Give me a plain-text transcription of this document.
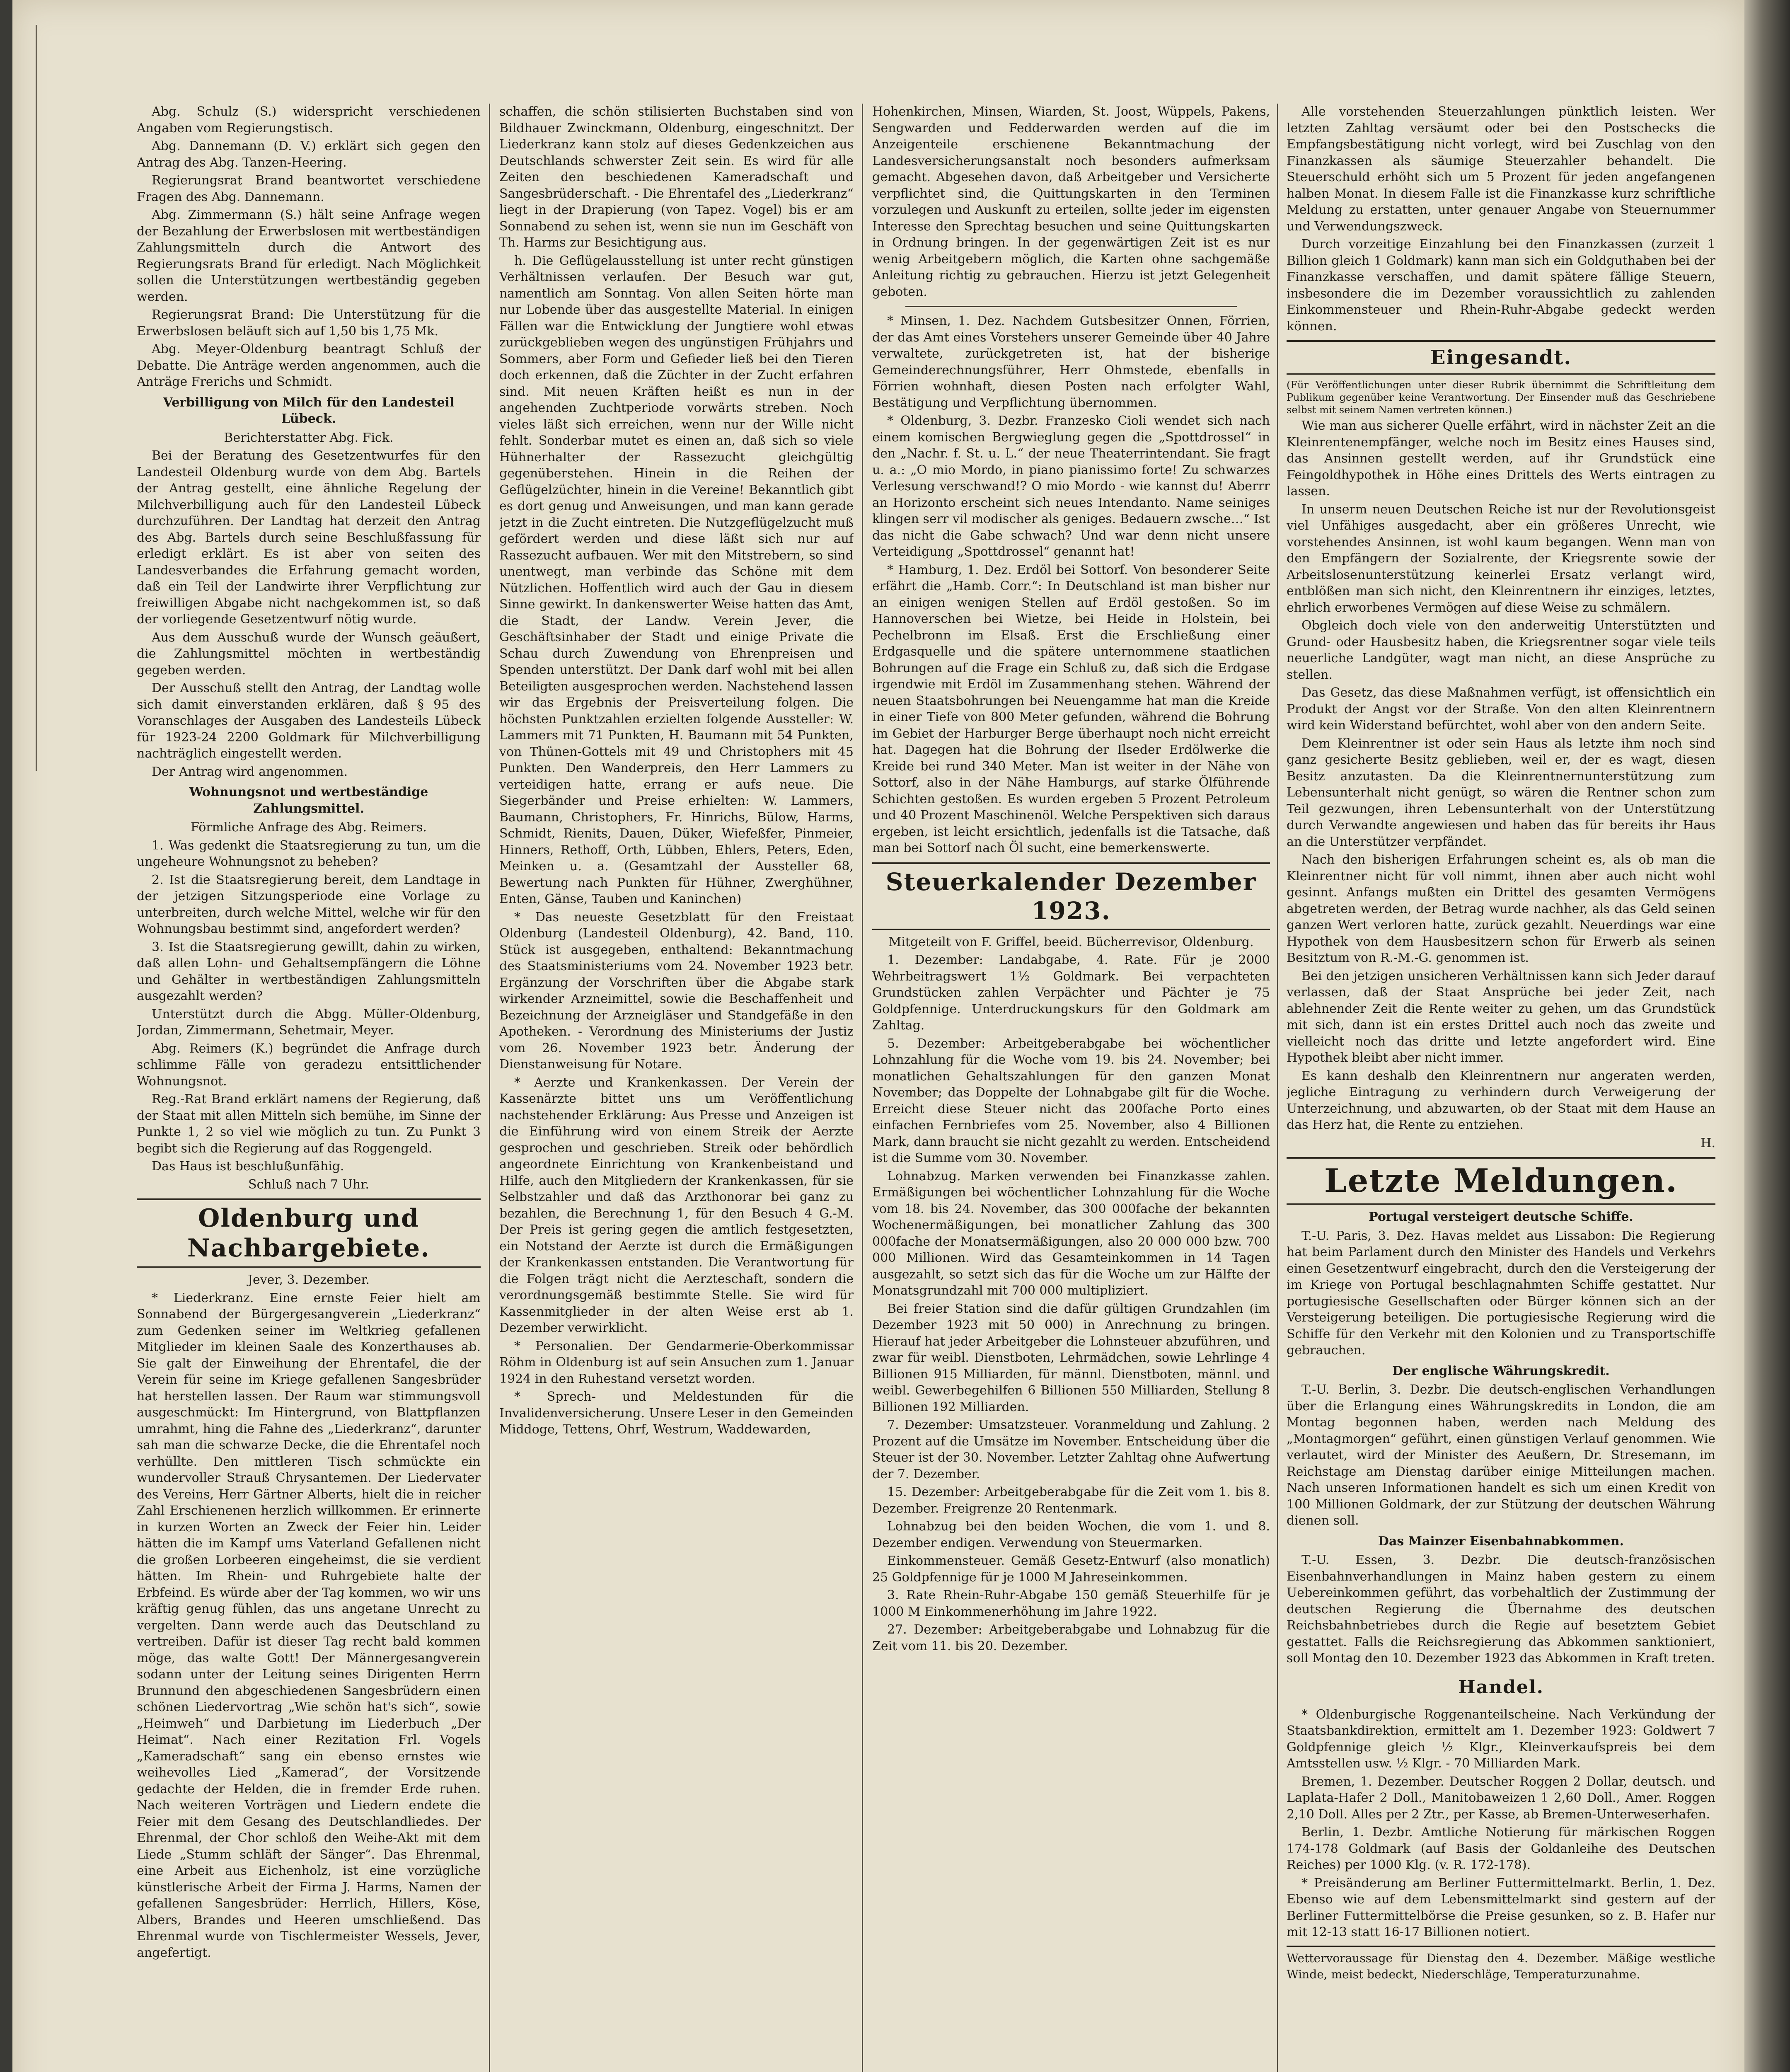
Abg. Schulz (S.) widerspricht verschiedenen Angaben vom Regierungstisch.

Abg. Dannemann (D. V.) erklärt sich gegen den Antrag des Abg. Tanzen-Heering.

Regierungsrat Brand beantwortet verschiedene Fragen des Abg. Dannemann.

Abg. Zimmermann (S.) hält seine Anfrage wegen der Bezahlung der Erwerbslosen mit wertbeständigen Zahlungsmitteln durch die Antwort des Regierungsrats Brand für erledigt. Nach Möglichkeit sollen die Unterstützungen wertbeständig gegeben werden.

Regierungsrat Brand: Die Unterstützung für die Erwerbslosen beläuft sich auf 1,50 bis 1,75 Mk.

Abg. Meyer-Oldenburg beantragt Schluß der Debatte. Die Anträge werden angenommen, auch die Anträge Frerichs und Schmidt.

Verbilligung von Milch für den Landesteil Lübeck.

Berichterstatter Abg. Fick.

Bei der Beratung des Gesetzentwurfes für den Landesteil Oldenburg wurde von dem Abg. Bartels der Antrag gestellt, eine ähnliche Regelung der Milchverbilligung auch für den Landesteil Lübeck durchzuführen. Der Landtag hat derzeit den Antrag des Abg. Bartels durch seine Beschlußfassung für erledigt erklärt. Es ist aber von seiten des Landesverbandes die Erfahrung gemacht worden, daß ein Teil der Landwirte ihrer Verpflichtung zur freiwilligen Abgabe nicht nachgekommen ist, so daß der vorliegende Gesetzentwurf nötig wurde.

Aus dem Ausschuß wurde der Wunsch geäußert, die Zahlungsmittel möchten in wertbeständig gegeben werden.

Der Ausschuß stellt den Antrag, der Landtag wolle sich damit einverstanden erklären, daß § 95 des Voranschlages der Ausgaben des Landesteils Lübeck für 1923-24 2200 Goldmark für Milchverbilligung nachträglich eingestellt werden.

Der Antrag wird angenommen.

Wohnungsnot und wertbeständige Zahlungsmittel.

Förmliche Anfrage des Abg. Reimers.

1. Was gedenkt die Staatsregierung zu tun, um die ungeheure Wohnungsnot zu beheben?

2. Ist die Staatsregierung bereit, dem Landtage in der jetzigen Sitzungsperiode eine Vorlage zu unterbreiten, durch welche Mittel, welche wir für den Wohnungsbau bestimmt sind, angefordert werden?

3. Ist die Staatsregierung gewillt, dahin zu wirken, daß allen Lohn- und Gehaltsempfängern die Löhne und Gehälter in wertbeständigen Zahlungsmitteln ausgezahlt werden?

Unterstützt durch die Abgg. Müller-Oldenburg, Jordan, Zimmermann, Sehetmair, Meyer.

Abg. Reimers (K.) begründet die Anfrage durch schlimme Fälle von geradezu entsittlichender Wohnungsnot.

Reg.-Rat Brand erklärt namens der Regierung, daß der Staat mit allen Mitteln sich bemühe, im Sinne der Punkte 1, 2 so viel wie möglich zu tun. Zu Punkt 3 begibt sich die Regierung auf das Roggengeld.

Das Haus ist beschlußunfähig.

Schluß nach 7 Uhr.

Oldenburg und Nachbargebiete.

Jever, 3. Dezember.

* Liederkranz. Eine ernste Feier hielt am Sonnabend der Bürgergesangverein „Liederkranz“ zum Gedenken seiner im Weltkrieg gefallenen Mitglieder im kleinen Saale des Konzerthauses ab. Sie galt der Einweihung der Ehrentafel, die der Verein für seine im Kriege gefallenen Sangesbrüder hat herstellen lassen. Der Raum war stimmungsvoll ausgeschmückt: Im Hintergrund, von Blattpflanzen umrahmt, hing die Fahne des „Liederkranz“, darunter sah man die schwarze Decke, die die Ehrentafel noch verhüllte. Den mittleren Tisch schmückte ein wundervoller Strauß Chrysantemen. Der Liedervater des Vereins, Herr Gärtner Alberts, hielt die in reicher Zahl Erschienenen herzlich willkommen. Er erinnerte in kurzen Worten an Zweck der Feier hin. Leider hätten die im Kampf ums Vaterland Gefallenen nicht die großen Lorbeeren eingeheimst, die sie verdient hätten. Im Rhein- und Ruhrgebiete halte der Erbfeind. Es würde aber der Tag kommen, wo wir uns kräftig genug fühlen, das uns angetane Unrecht zu vergelten. Dann werde auch das Deutschland zu vertreiben. Dafür ist dieser Tag recht bald kommen möge, das walte Gott! Der Männergesangverein sodann unter der Leitung seines Dirigenten Herrn Brunnund den abgeschiedenen Sangesbrüdern einen schönen Liedervortrag „Wie schön hat's sich“, sowie „Heimweh“ und Darbietung im Liederbuch „Der Heimat“. Nach einer Rezitation Frl. Vogels „Kameradschaft“ sang ein ebenso ernstes wie weihevolles Lied „Kamerad“, der Vorsitzende gedachte der Helden, die in fremder Erde ruhen. Nach weiteren Vorträgen und Liedern endete die Feier mit dem Gesang des Deutschlandliedes. Der Ehrenmal, der Chor schloß den Weihe-Akt mit dem Liede „Stumm schläft der Sänger“. Das Ehrenmal, eine Arbeit aus Eichenholz, ist eine vorzügliche künstlerische Arbeit der Firma J. Harms, Namen der gefallenen Sangesbrüder: Herrlich, Hillers, Köse, Albers, Brandes und Heeren umschließend. Das Ehrenmal wurde von Tischlermeister Wessels, Jever, angefertigt.

schaffen, die schön stilisierten Buchstaben sind von Bildhauer Zwinckmann, Oldenburg, eingeschnitzt. Der Liederkranz kann stolz auf dieses Gedenkzeichen aus Deutschlands schwerster Zeit sein. Es wird für alle Zeiten den beschiedenen Kameradschaft und Sangesbrüderschaft. - Die Ehrentafel des „Liederkranz“ liegt in der Drapierung (von Tapez. Vogel) bis er am Sonnabend zu sehen ist, wenn sie nun im Geschäft von Th. Harms zur Besichtigung aus.

h. Die Geflügelausstellung ist unter recht günstigen Verhältnissen verlaufen. Der Besuch war gut, namentlich am Sonntag. Von allen Seiten hörte man nur Lobende über das ausgestellte Material. In einigen Fällen war die Entwicklung der Jungtiere wohl etwas zurückgeblieben wegen des ungünstigen Frühjahrs und Sommers, aber Form und Gefieder ließ bei den Tieren doch erkennen, daß die Züchter in der Zucht erfahren sind. Mit neuen Kräften heißt es nun in der angehenden Zuchtperiode vorwärts streben. Noch vieles läßt sich erreichen, wenn nur der Wille nicht fehlt. Sonderbar mutet es einen an, daß sich so viele Hühnerhalter der Rassezucht gleichgültig gegenüberstehen. Hinein in die Reihen der Geflügelzüchter, hinein in die Vereine! Bekanntlich gibt es dort genug und Anweisungen, und man kann gerade jetzt in die Zucht eintreten. Die Nutzgeflügelzucht muß gefördert werden und diese läßt sich nur auf Rassezucht aufbauen. Wer mit den Mitstrebern, so sind unentwegt, man verbinde das Schöne mit dem Nützlichen. Hoffentlich wird auch der Gau in diesem Sinne gewirkt. In dankenswerter Weise hatten das Amt, die Stadt, der Landw. Verein Jever, die Geschäftsinhaber der Stadt und einige Private die Schau durch Zuwendung von Ehrenpreisen und Spenden unterstützt. Der Dank darf wohl mit bei allen Beteiligten ausgesprochen werden. Nachstehend lassen wir das Ergebnis der Preisverteilung folgen. Die höchsten Punktzahlen erzielten folgende Aussteller: W. Lammers mit 71 Punkten, H. Baumann mit 54 Punkten, von Thünen-Gottels mit 49 und Christophers mit 45 Punkten. Den Wanderpreis, den Herr Lammers zu verteidigen hatte, errang er aufs neue. Die Siegerbänder und Preise erhielten: W. Lammers, Baumann, Christophers, Fr. Hinrichs, Bülow, Harms, Schmidt, Rienits, Dauen, Düker, Wiefeßfer, Pinmeier, Hinners, Rethoff, Orth, Lübben, Ehlers, Peters, Eden, Meinken u. a. (Gesamtzahl der Aussteller 68, Bewertung nach Punkten für Hühner, Zwerghühner, Enten, Gänse, Tauben und Kaninchen)

* Das neueste Gesetzblatt für den Freistaat Oldenburg (Landesteil Oldenburg), 42. Band, 110. Stück ist ausgegeben, enthaltend: Bekanntmachung des Staatsministeriums vom 24. November 1923 betr. Ergänzung der Vorschriften über die Abgabe stark wirkender Arzneimittel, sowie die Beschaffenheit und Bezeichnung der Arzneigläser und Standgefäße in den Apotheken. - Verordnung des Ministeriums der Justiz vom 26. November 1923 betr. Änderung der Dienstanweisung für Notare.

* Aerzte und Krankenkassen. Der Verein der Kassenärzte bittet uns um Veröffentlichung nachstehender Erklärung: Aus Presse und Anzeigen ist die Einführung wird von einem Streik der Aerzte gesprochen und geschrieben. Streik oder behördlich angeordnete Einrichtung von Krankenbeistand und Hilfe, auch den Mitgliedern der Krankenkassen, für sie Selbstzahler und daß das Arzthonorar bei ganz zu bezahlen, die Berechnung 1, für den Besuch 4 G.-M. Der Preis ist gering gegen die amtlich festgesetzten, ein Notstand der Aerzte ist durch die Ermäßigungen der Krankenkassen entstanden. Die Verantwortung für die Folgen trägt nicht die Aerzteschaft, sondern die verordnungsgemäß bestimmte Stelle. Sie wird für Kassenmitglieder in der alten Weise erst ab 1. Dezember verwirklicht.

* Personalien. Der Gendarmerie-Oberkommissar Röhm in Oldenburg ist auf sein Ansuchen zum 1. Januar 1924 in den Ruhestand versetzt worden.

* Sprech- und Meldestunden für die Invalidenversicherung. Unsere Leser in den Gemeinden Middoge, Tettens, Ohrf, Westrum, Waddewarden,

Hohenkirchen, Minsen, Wiarden, St. Joost, Wüppels, Pakens, Sengwarden und Fedderwarden werden auf die im Anzeigenteile erschienene Bekanntmachung der Landesversicherungsanstalt noch besonders aufmerksam gemacht. Abgesehen davon, daß Arbeitgeber und Versicherte verpflichtet sind, die Quittungskarten in den Terminen vorzulegen und Auskunft zu erteilen, sollte jeder im eigensten Interesse den Sprechtag besuchen und seine Quittungskarten in Ordnung bringen. In der gegenwärtigen Zeit ist es nur wenig Arbeitgebern möglich, die Karten ohne sachgemäße Anleitung richtig zu gebrauchen. Hierzu ist jetzt Gelegenheit geboten.

* Minsen, 1. Dez. Nachdem Gutsbesitzer Onnen, Förrien, der das Amt eines Vorstehers unserer Gemeinde über 40 Jahre verwaltete, zurückgetreten ist, hat der bisherige Gemeinderechnungsführer, Herr Ohmstede, ebenfalls in Förrien wohnhaft, diesen Posten nach erfolgter Wahl, Bestätigung und Verpflichtung übernommen.

* Oldenburg, 3. Dezbr. Franzesko Cioli wendet sich nach einem komischen Bergwieglung gegen die „Spottdrossel“ in den „Nachr. f. St. u. L.“ der neue Theaterrintendant. Sie fragt u. a.: „O mio Mordo, in piano pianissimo forte! Zu schwarzes Verlesung verschwand!? O mio Mordo - wie kannst du! Aberrr an Horizonto erscheint sich neues Intendanto. Name seiniges klingen serr vil modischer als geniges. Bedauern zwsche…“ Ist das nicht die Gabe schwach? Und war denn nicht unsere Verteidigung „Spottdrossel“ genannt hat!

* Hamburg, 1. Dez. Erdöl bei Sottorf. Von besonderer Seite erfährt die „Hamb. Corr.“: In Deutschland ist man bisher nur an einigen wenigen Stellen auf Erdöl gestoßen. So im Hannoverschen bei Wietze, bei Heide in Holstein, bei Pechelbronn im Elsaß. Erst die Erschließung einer Erdgasquelle und die spätere unternommene staatlichen Bohrungen auf die Frage ein Schluß zu, daß sich die Erdgase irgendwie mit Erdöl im Zusammenhang stehen. Während der neuen Staatsbohrungen bei Neuengamme hat man die Kreide in einer Tiefe von 800 Meter gefunden, während die Bohrung im Gebiet der Harburger Berge überhaupt noch nicht erreicht hat. Dagegen hat die Bohrung der Ilseder Erdölwerke die Kreide bei rund 340 Meter. Man ist weiter in der Nähe von Sottorf, also in der Nähe Hamburgs, auf starke Ölführende Schichten gestoßen. Es wurden ergeben 5 Prozent Petroleum und 40 Prozent Maschinenöl. Welche Perspektiven sich daraus ergeben, ist leicht ersichtlich, jedenfalls ist die Tatsache, daß man bei Sottorf nach Öl sucht, eine bemerkenswerte.

Steuerkalender Dezember 1923.

Mitgeteilt von F. Griffel, beeid. Bücherrevisor, Oldenburg.

1. Dezember: Landabgabe, 4. Rate. Für je 2000 Wehrbeitragswert 1½ Goldmark. Bei verpachteten Grundstücken zahlen Verpächter und Pächter je 75 Goldpfennige. Unterdruckungskurs für den Goldmark am Zahltag.

5. Dezember: Arbeitgeberabgabe bei wöchentlicher Lohnzahlung für die Woche vom 19. bis 24. November; bei monatlichen Gehaltszahlungen für den ganzen Monat November; das Doppelte der Lohnabgabe gilt für die Woche. Erreicht diese Steuer nicht das 200fache Porto eines einfachen Fernbriefes vom 25. November, also 4 Billionen Mark, dann braucht sie nicht gezahlt zu werden. Entscheidend ist die Summe vom 30. November.

Lohnabzug. Marken verwenden bei Finanzkasse zahlen. Ermäßigungen bei wöchentlicher Lohnzahlung für die Woche vom 18. bis 24. November, das 300 000fache der bekannten Wochenermäßigungen, bei monatlicher Zahlung das 300 000fache der Monatsermäßigungen, also 20 000 000 bzw. 700 000 Millionen. Wird das Gesamteinkommen in 14 Tagen ausgezahlt, so setzt sich das für die Woche um zur Hälfte der Monatsgrundzahl mit 700 000 multipliziert.

Bei freier Station sind die dafür gültigen Grundzahlen (im Dezember 1923 mit 50 000) in Anrechnung zu bringen. Hierauf hat jeder Arbeitgeber die Lohnsteuer abzuführen, und zwar für weibl. Dienstboten, Lehrmädchen, sowie Lehrlinge 4 Billionen 915 Milliarden, für männl. Dienstboten, männl. und weibl. Gewerbegehilfen 6 Billionen 550 Milliarden, Stellung 8 Billionen 192 Milliarden.

7. Dezember: Umsatzsteuer. Voranmeldung und Zahlung. 2 Prozent auf die Umsätze im November. Entscheidung über die Steuer ist der 30. November. Letzter Zahltag ohne Aufwertung der 7. Dezember.

15. Dezember: Arbeitgeberabgabe für die Zeit vom 1. bis 8. Dezember. Freigrenze 20 Rentenmark.

Lohnabzug bei den beiden Wochen, die vom 1. und 8. Dezember endigen. Verwendung von Steuermarken.

Einkommensteuer. Gemäß Gesetz-Entwurf (also monatlich) 25 Goldpfennige für je 1000 M Jahreseinkommen.

3. Rate Rhein-Ruhr-Abgabe 150 gemäß Steuerhilfe für je 1000 M Einkommenerhöhung im Jahre 1922.

27. Dezember: Arbeitgeberabgabe und Lohnabzug für die Zeit vom 11. bis 20. Dezember.

Alle vorstehenden Steuerzahlungen pünktlich leisten. Wer letzten Zahltag versäumt oder bei den Postschecks die Empfangsbestätigung nicht vorlegt, wird bei Zuschlag von den Finanzkassen als säumige Steuerzahler behandelt. Die Steuerschuld erhöht sich um 5 Prozent für jeden angefangenen halben Monat. In diesem Falle ist die Finanzkasse kurz schriftliche Meldung zu erstatten, unter genauer Angabe von Steuernummer und Verwendungszweck.

Durch vorzeitige Einzahlung bei den Finanzkassen (zurzeit 1 Billion gleich 1 Goldmark) kann man sich ein Goldguthaben bei der Finanzkasse verschaffen, und damit spätere fällige Steuern, insbesondere die im Dezember voraussichtlich zu zahlenden Einkommensteuer und Rhein-Ruhr-Abgabe gedeckt werden können.

Eingesandt.

(Für Veröffentlichungen unter dieser Rubrik übernimmt die Schriftleitung dem Publikum gegenüber keine Verantwortung. Der Einsender muß das Geschriebene selbst mit seinem Namen vertreten können.)

Wie man aus sicherer Quelle erfährt, wird in nächster Zeit an die Kleinrentenempfänger, welche noch im Besitz eines Hauses sind, das Ansinnen gestellt werden, auf ihr Grundstück eine Feingoldhypothek in Höhe eines Drittels des Werts eintragen zu lassen.

In unserm neuen Deutschen Reiche ist nur der Revolutionsgeist viel Unfähiges ausgedacht, aber ein größeres Unrecht, wie vorstehendes Ansinnen, ist wohl kaum begangen. Wenn man von den Empfängern der Sozialrente, der Kriegsrente sowie der Arbeitslosenunterstützung keinerlei Ersatz verlangt wird, entblößen man sich nicht, den Kleinrentnern ihr einziges, letztes, ehrlich erworbenes Vermögen auf diese Weise zu schmälern.

Obgleich doch viele von den anderweitig Unterstützten und Grund- oder Hausbesitz haben, die Kriegsrentner sogar viele teils neuerliche Landgüter, wagt man nicht, an diese Ansprüche zu stellen.

Das Gesetz, das diese Maßnahmen verfügt, ist offensichtlich ein Produkt der Angst vor der Straße. Von den alten Kleinrentnern wird kein Widerstand befürchtet, wohl aber von den andern Seite.

Dem Kleinrentner ist oder sein Haus als letzte ihm noch sind ganz gesicherte Besitz geblieben, weil er, der es wagt, diesen Besitz anzutasten. Da die Kleinrentnernunterstützung zum Lebensunterhalt nicht genügt, so wären die Rentner schon zum Teil gezwungen, ihren Lebensunterhalt von der Unterstützung durch Verwandte angewiesen und haben das für bereits ihr Haus an die Unterstützer verpfändet.

Nach den bisherigen Erfahrungen scheint es, als ob man die Kleinrentner nicht für voll nimmt, ihnen aber auch nicht wohl gesinnt. Anfangs mußten ein Drittel des gesamten Vermögens abgetreten werden, der Betrag wurde nachher, als das Geld seinen ganzen Wert verloren hatte, zurück gezahlt. Neuerdings war eine Hypothek von dem Hausbesitzern schon für Erwerb als seinen Besitztum von R.-M.-G. genommen ist.

Bei den jetzigen unsicheren Verhältnissen kann sich Jeder darauf verlassen, daß der Staat Ansprüche bei jeder Zeit, nach ablehnender Zeit die Rente weiter zu gehen, um das Grundstück mit sich, dann ist ein erstes Drittel auch noch das zweite und vielleicht noch das dritte und letzte angefordert wird. Eine Hypothek bleibt aber nicht immer.

Es kann deshalb den Kleinrentnern nur angeraten werden, jegliche Eintragung zu verhindern durch Verweigerung der Unterzeichnung, und abzuwarten, ob der Staat mit dem Hause an das Herz hat, die Rente zu entziehen.

H.

Letzte Meldungen.

Portugal versteigert deutsche Schiffe.

T.-U. Paris, 3. Dez. Havas meldet aus Lissabon: Die Regierung hat beim Parlament durch den Minister des Handels und Verkehrs einen Gesetzentwurf eingebracht, durch den die Versteigerung der im Kriege von Portugal beschlagnahmten Schiffe gestattet. Nur portugiesische Gesellschaften oder Bürger können sich an der Versteigerung beteiligen. Die portugiesische Regierung wird die Schiffe für den Verkehr mit den Kolonien und zu Transportschiffe gebrauchen.

Der englische Währungskredit.

T.-U. Berlin, 3. Dezbr. Die deutsch-englischen Verhandlungen über die Erlangung eines Währungskredits in London, die am Montag begonnen haben, werden nach Meldung des „Montagmorgen“ geführt, einen günstigen Verlauf genommen. Wie verlautet, wird der Minister des Aeußern, Dr. Stresemann, im Reichstage am Dienstag darüber einige Mitteilungen machen. Nach unseren Informationen handelt es sich um einen Kredit von 100 Millionen Goldmark, der zur Stützung der deutschen Währung dienen soll.

Das Mainzer Eisenbahnabkommen.

T.-U. Essen, 3. Dezbr. Die deutsch-französischen Eisenbahnverhandlungen in Mainz haben gestern zu einem Uebereinkommen geführt, das vorbehaltlich der Zustimmung der deutschen Regierung die Übernahme des deutschen Reichsbahnbetriebes durch die Regie auf besetztem Gebiet gestattet. Falls die Reichsregierung das Abkommen sanktioniert, soll Montag den 10. Dezember 1923 das Abkommen in Kraft treten.

Handel.

* Oldenburgische Roggenanteilscheine. Nach Verkündung der Staatsbankdirektion, ermittelt am 1. Dezember 1923: Goldwert 7 Goldpfennige gleich ½ Klgr., Kleinverkaufspreis bei dem Amtsstellen usw. ½ Klgr. - 70 Milliarden Mark.

Bremen, 1. Dezember. Deutscher Roggen 2 Dollar, deutsch. und Laplata-Hafer 2 Doll., Manitobaweizen 1 2,60 Doll., Amer. Roggen 2,10 Doll. Alles per 2 Ztr., per Kasse, ab Bremen-Unterweserhafen.

Berlin, 1. Dezbr. Amtliche Notierung für märkischen Roggen 174-178 Goldmark (auf Basis der Goldanleihe des Deutschen Reiches) per 1000 Klg. (v. R. 172-178).

* Preisänderung am Berliner Futtermittelmarkt. Berlin, 1. Dez. Ebenso wie auf dem Lebensmittelmarkt sind gestern auf der Berliner Futtermittelbörse die Preise gesunken, so z. B. Hafer nur mit 12-13 statt 16-17 Billionen notiert.

Wettervoraussage für Dienstag den 4. Dezember. Mäßige westliche Winde, meist bedeckt, Niederschläge, Temperaturzunahme.
